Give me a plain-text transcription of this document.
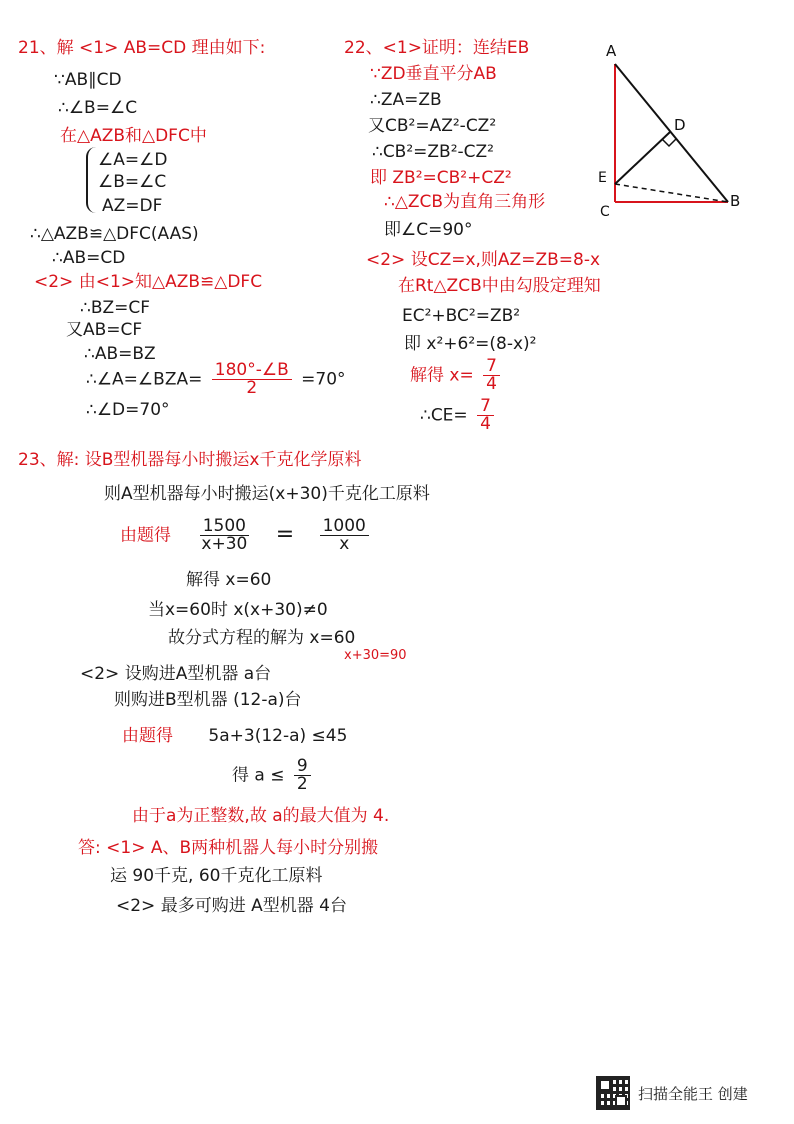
21、解 <1> AB=CD 理由如下:
∵AB∥CD
∴∠B=∠C
在△AZB和△DFC中
∠A=∠D
∠B=∠C
AZ=DF
∴△AZB≌△DFC(AAS)
∴AB=CD
<2> 由<1>知△AZB≌△DFC
∴BZ=CF
又AB=CF
∴AB=BZ
∴∠A=∠BZA= $\frac{180^\circ-\angle B}{2} =70^\circ$
∴∠D=70°
22、<1>证明：连结EB
∵ZD垂直平分AB
∴ZA=ZB
又CB²=AZ²-CZ²
∴CB²=ZB²-CZ²
即 ZB²=CB²+CZ²
∴△ZCB为直角三角形
即∠C=90°
<2> 设CZ=x,则AZ=ZB=8-x
在Rt△ZCB中由勾股定理知
EC²+BC²=ZB²
即 x²+6²=(8-x)²
解得 $x= \frac{7}{4}$
∴CE= $\frac{7}{4}$
A
D
E
C
B
23、解: 设B型机器每小时搬运x千克化学原料
则A型机器每小时搬运(x+30)千克化工原料
由题得 $\frac{1500}{x+30} = \frac{1000}{x}$
解得 x=60
当x=60时 x(x+30)≠0
故分式方程的解为 x=60
x+30=90
<2> 设购进A型机器 a台
则购进B型机器 (12-a)台
由题得 5a+3(12-a) ≤45
得 $a \le \frac{9}{2}$
由于a为正整数,故 a的最大值为 4.
答: <1> A、B两种机器人每小时分别搬
运 90千克, 60千克化工原料
<2> 最多可购进 A型机器 4台
扫描全能王 创建
